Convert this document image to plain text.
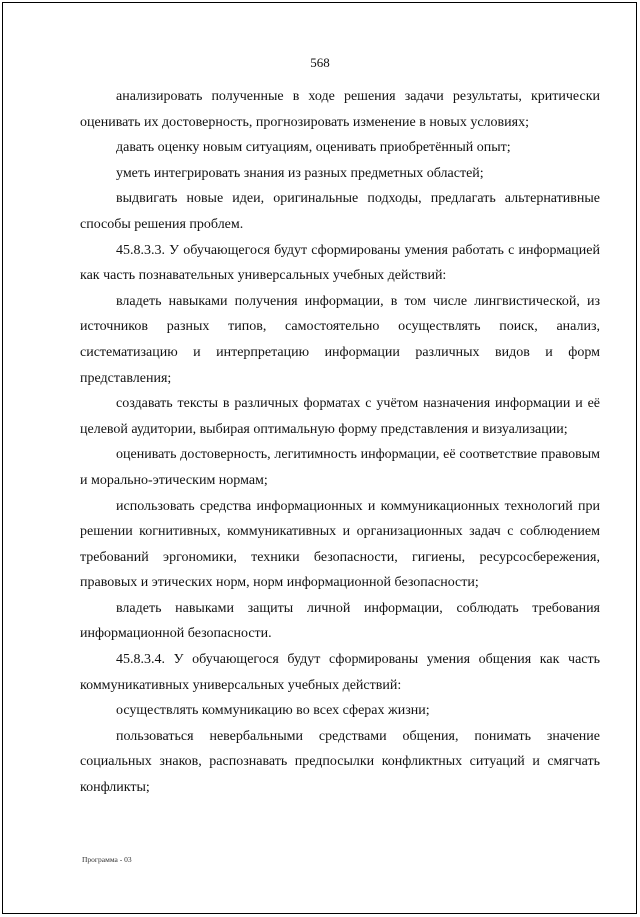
568

анализировать полученные в ходе решения задачи результаты, критически оценивать их достоверность, прогнозировать изменение в новых условиях;

давать оценку новым ситуациям, оценивать приобретённый опыт;

уметь интегрировать знания из разных предметных областей;

выдвигать новые идеи, оригинальные подходы, предлагать альтернативные способы решения проблем.

45.8.3.3. У обучающегося будут сформированы умения работать с информацией как часть познавательных универсальных учебных действий:

владеть навыками получения информации, в том числе лингвистической, из источников разных типов, самостоятельно осуществлять поиск, анализ, систематизацию и интерпретацию информации различных видов и форм представления;

создавать тексты в различных форматах с учётом назначения информации и её целевой аудитории, выбирая оптимальную форму представления и визуализации;

оценивать достоверность, легитимность информации, её соответствие правовым и морально-этическим нормам;

использовать средства информационных и коммуникационных технологий при решении когнитивных, коммуникативных и организационных задач с соблюдением требований эргономики, техники безопасности, гигиены, ресурсосбережения, правовых и этических норм, норм информационной безопасности;

владеть навыками защиты личной информации, соблюдать требования информационной безопасности.

45.8.3.4. У обучающегося будут сформированы умения общения как часть коммуникативных универсальных учебных действий:

осуществлять коммуникацию во всех сферах жизни;

пользоваться невербальными средствами общения, понимать значение социальных знаков, распознавать предпосылки конфликтных ситуаций и смягчать конфликты;

Программа - 03
